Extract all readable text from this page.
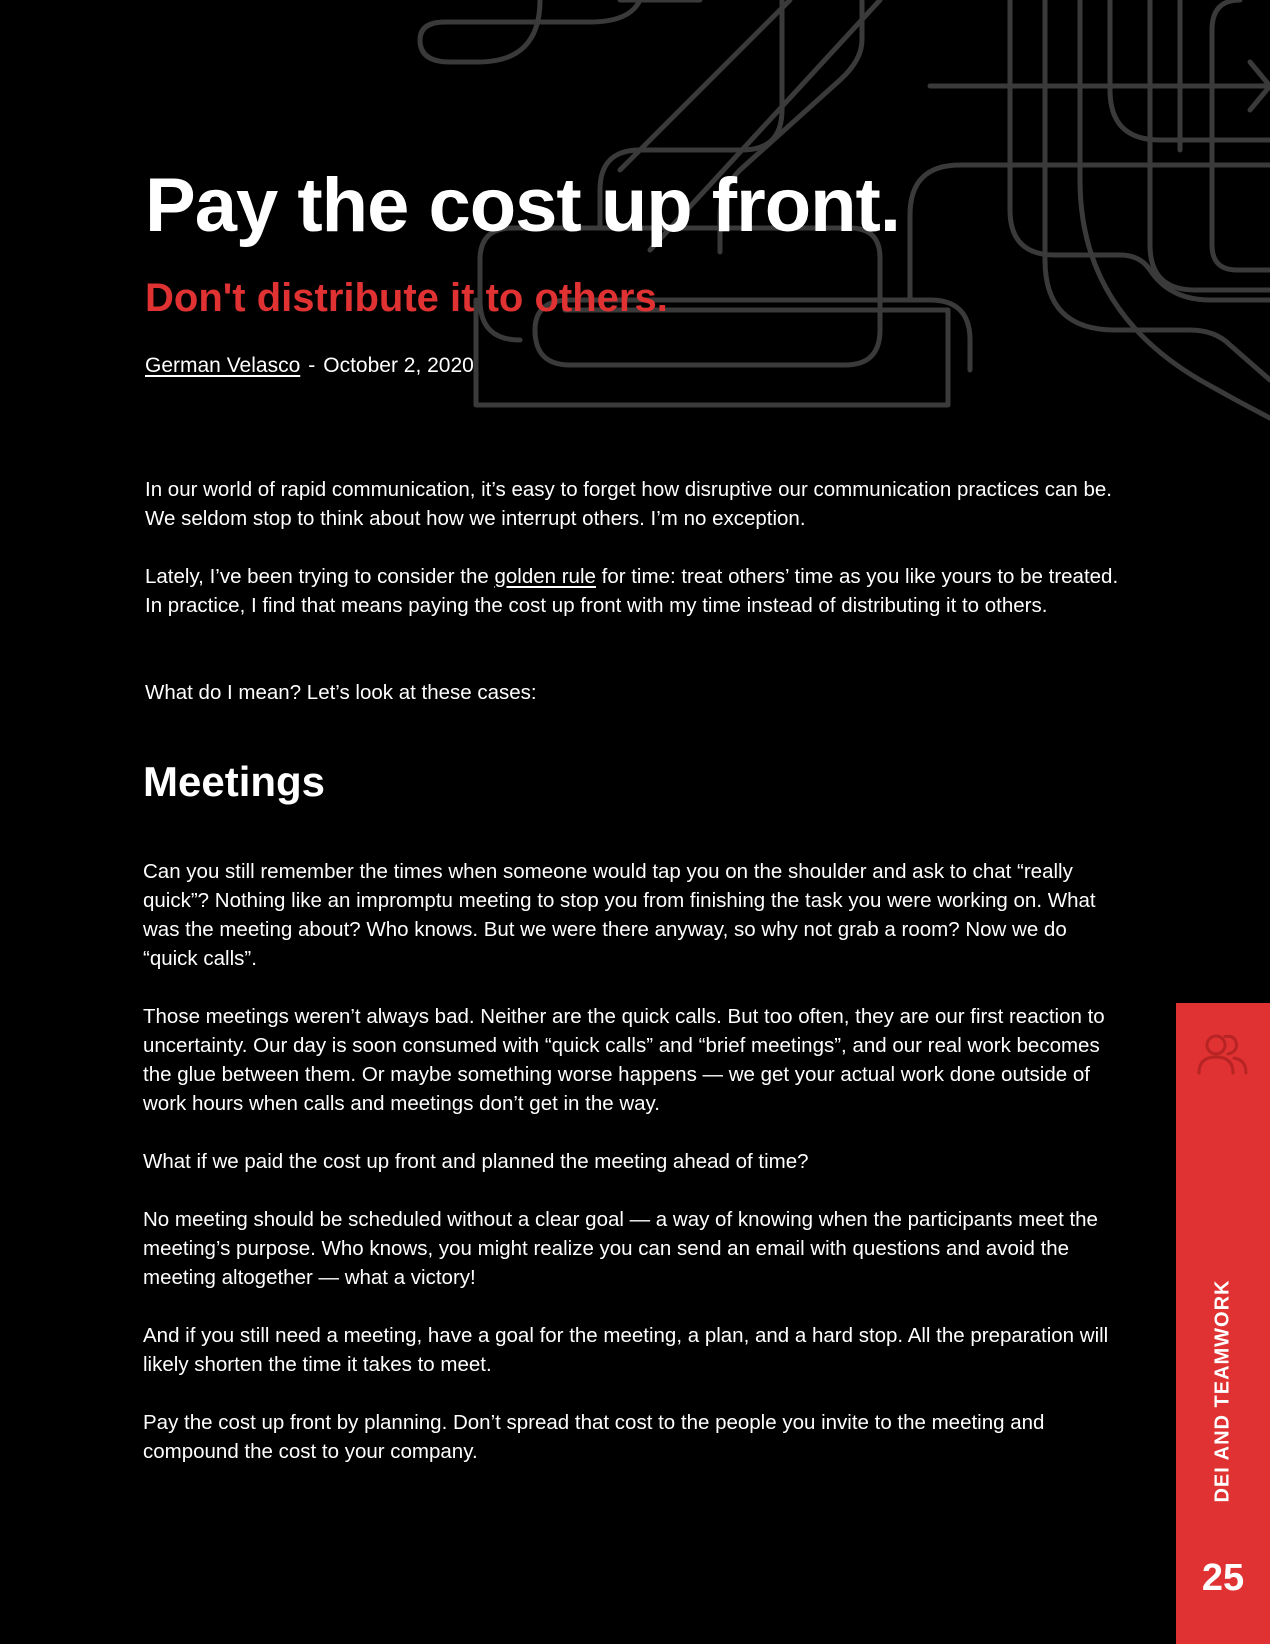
Pay the cost up front.
Don't distribute it to others.
German Velasco - October 2, 2020

In our world of rapid communication, it’s easy to forget how disruptive our communication practices can be. We seldom stop to think about how we interrupt others. I’m no exception.

Lately, I’ve been trying to consider the golden rule for time: treat others’ time as you like yours to be treated. In practice, I find that means paying the cost up front with my time instead of distributing it to others.

What do I mean? Let’s look at these cases:

Meetings

Can you still remember the times when someone would tap you on the shoulder and ask to chat “really quick”? Nothing like an impromptu meeting to stop you from finishing the task you were working on. What was the meeting about? Who knows. But we were there anyway, so why not grab a room? Now we do “quick calls”.

Those meetings weren’t always bad. Neither are the quick calls. But too often, they are our first reaction to uncertainty. Our day is soon consumed with “quick calls” and “brief meetings”, and our real work becomes the glue between them. Or maybe something worse happens — we get your actual work done outside of work hours when calls and meetings don’t get in the way.

What if we paid the cost up front and planned the meeting ahead of time?

No meeting should be scheduled without a clear goal — a way of knowing when the participants meet the meeting’s purpose. Who knows, you might realize you can send an email with questions and avoid the meeting altogether — what a victory!

And if you still need a meeting, have a goal for the meeting, a plan, and a hard stop. All the preparation will likely shorten the time it takes to meet.

Pay the cost up front by planning. Don’t spread that cost to the people you invite to the meeting and compound the cost to your company.	DEI AND TEAMWORK
25
